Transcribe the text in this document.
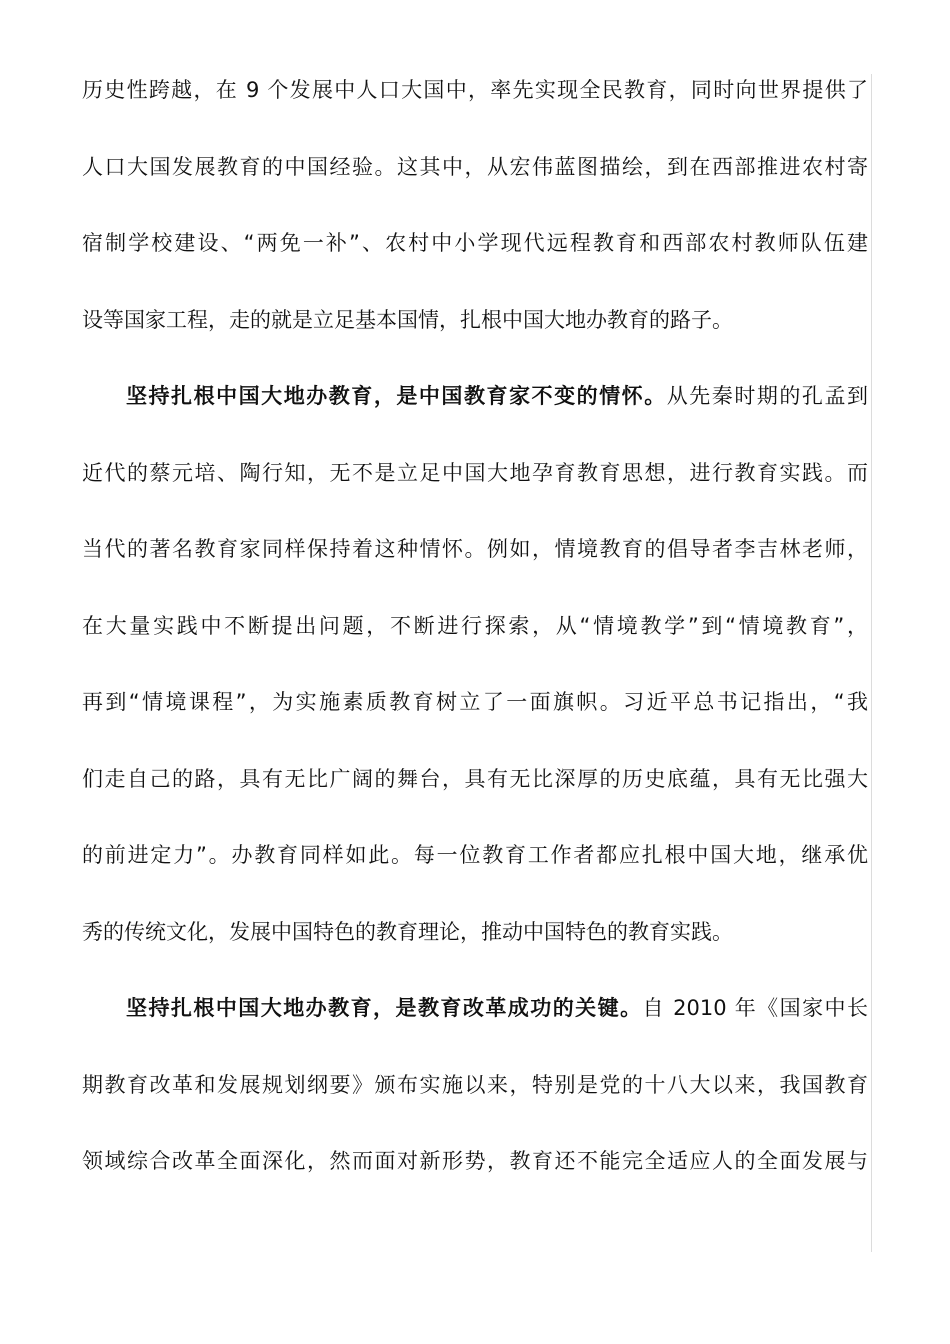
历史性跨越，在 9 个发展中人口大国中，率先实现全民教育，同时向世界提供了
人口大国发展教育的中国经验。这其中，从宏伟蓝图描绘，到在西部推进农村寄
宿制学校建设、“两免一补”、农村中小学现代远程教育和西部农村教师队伍建
设等国家工程，走的就是立足基本国情，扎根中国大地办教育的路子。
坚持扎根中国大地办教育，是中国教育家不变的情怀。从先秦时期的孔孟到
近代的蔡元培、陶行知，无不是立足中国大地孕育教育思想，进行教育实践。而
当代的著名教育家同样保持着这种情怀。例如，情境教育的倡导者李吉林老师，
在大量实践中不断提出问题，不断进行探索，从“情境教学”到“情境教育”，
再到“情境课程”，为实施素质教育树立了一面旗帜。习近平总书记指出，“我
们走自己的路，具有无比广阔的舞台，具有无比深厚的历史底蕴，具有无比强大
的前进定力”。办教育同样如此。每一位教育工作者都应扎根中国大地，继承优
秀的传统文化，发展中国特色的教育理论，推动中国特色的教育实践。
坚持扎根中国大地办教育，是教育改革成功的关键。自 2010 年《国家中长
期教育改革和发展规划纲要》颁布实施以来，特别是党的十八大以来，我国教育
领域综合改革全面深化，然而面对新形势，教育还不能完全适应人的全面发展与
